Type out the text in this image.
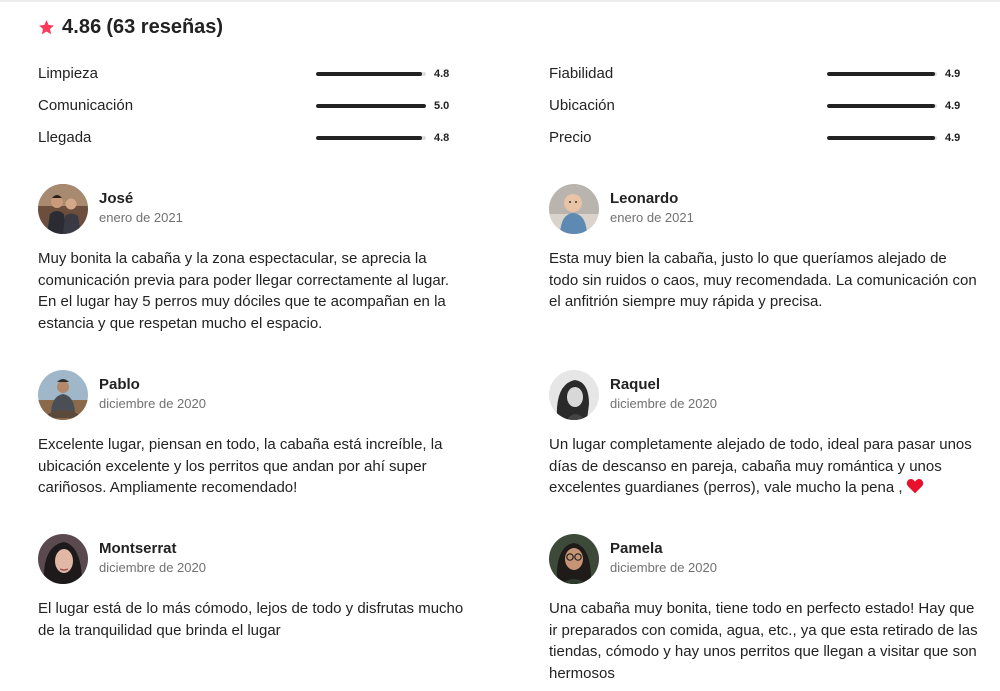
4.86 (63 reseñas)
Limpieza	4.8
Comunicación	5.0
Llegada	4.8
Fiabilidad	4.9
Ubicación	4.9
Precio	4.9
José
enero de 2021

Muy bonita la cabaña y la zona espectacular, se aprecia la comunicación previa para poder llegar correctamente al lugar. En el lugar hay 5 perros muy dóciles que te acompañan en la estancia y que respetan mucho el espacio.

Leonardo
enero de 2021

Esta muy bien la cabaña, justo lo que queríamos alejado de todo sin ruidos o caos, muy recomendada. La comunicación con el anfitrión siempre muy rápida y precisa.

Pablo
diciembre de 2020

Excelente lugar, piensan en todo, la cabaña está increíble, la ubicación excelente y los perritos que andan por ahí super cariñosos. Ampliamente recomendado!

Raquel
diciembre de 2020

Un lugar completamente alejado de todo, ideal para pasar unos días de descanso en pareja, cabaña muy romántica y unos excelentes guardianes (perros), vale mucho la pena ,

Montserrat
diciembre de 2020

El lugar está de lo más cómodo, lejos de todo y disfrutas mucho de la tranquilidad que brinda el lugar

Pamela
diciembre de 2020

Una cabaña muy bonita, tiene todo en perfecto estado! Hay que ir preparados con comida, agua, etc., ya que esta retirado de las tiendas, cómodo y hay unos perritos que llegan a visitar que son hermosos
